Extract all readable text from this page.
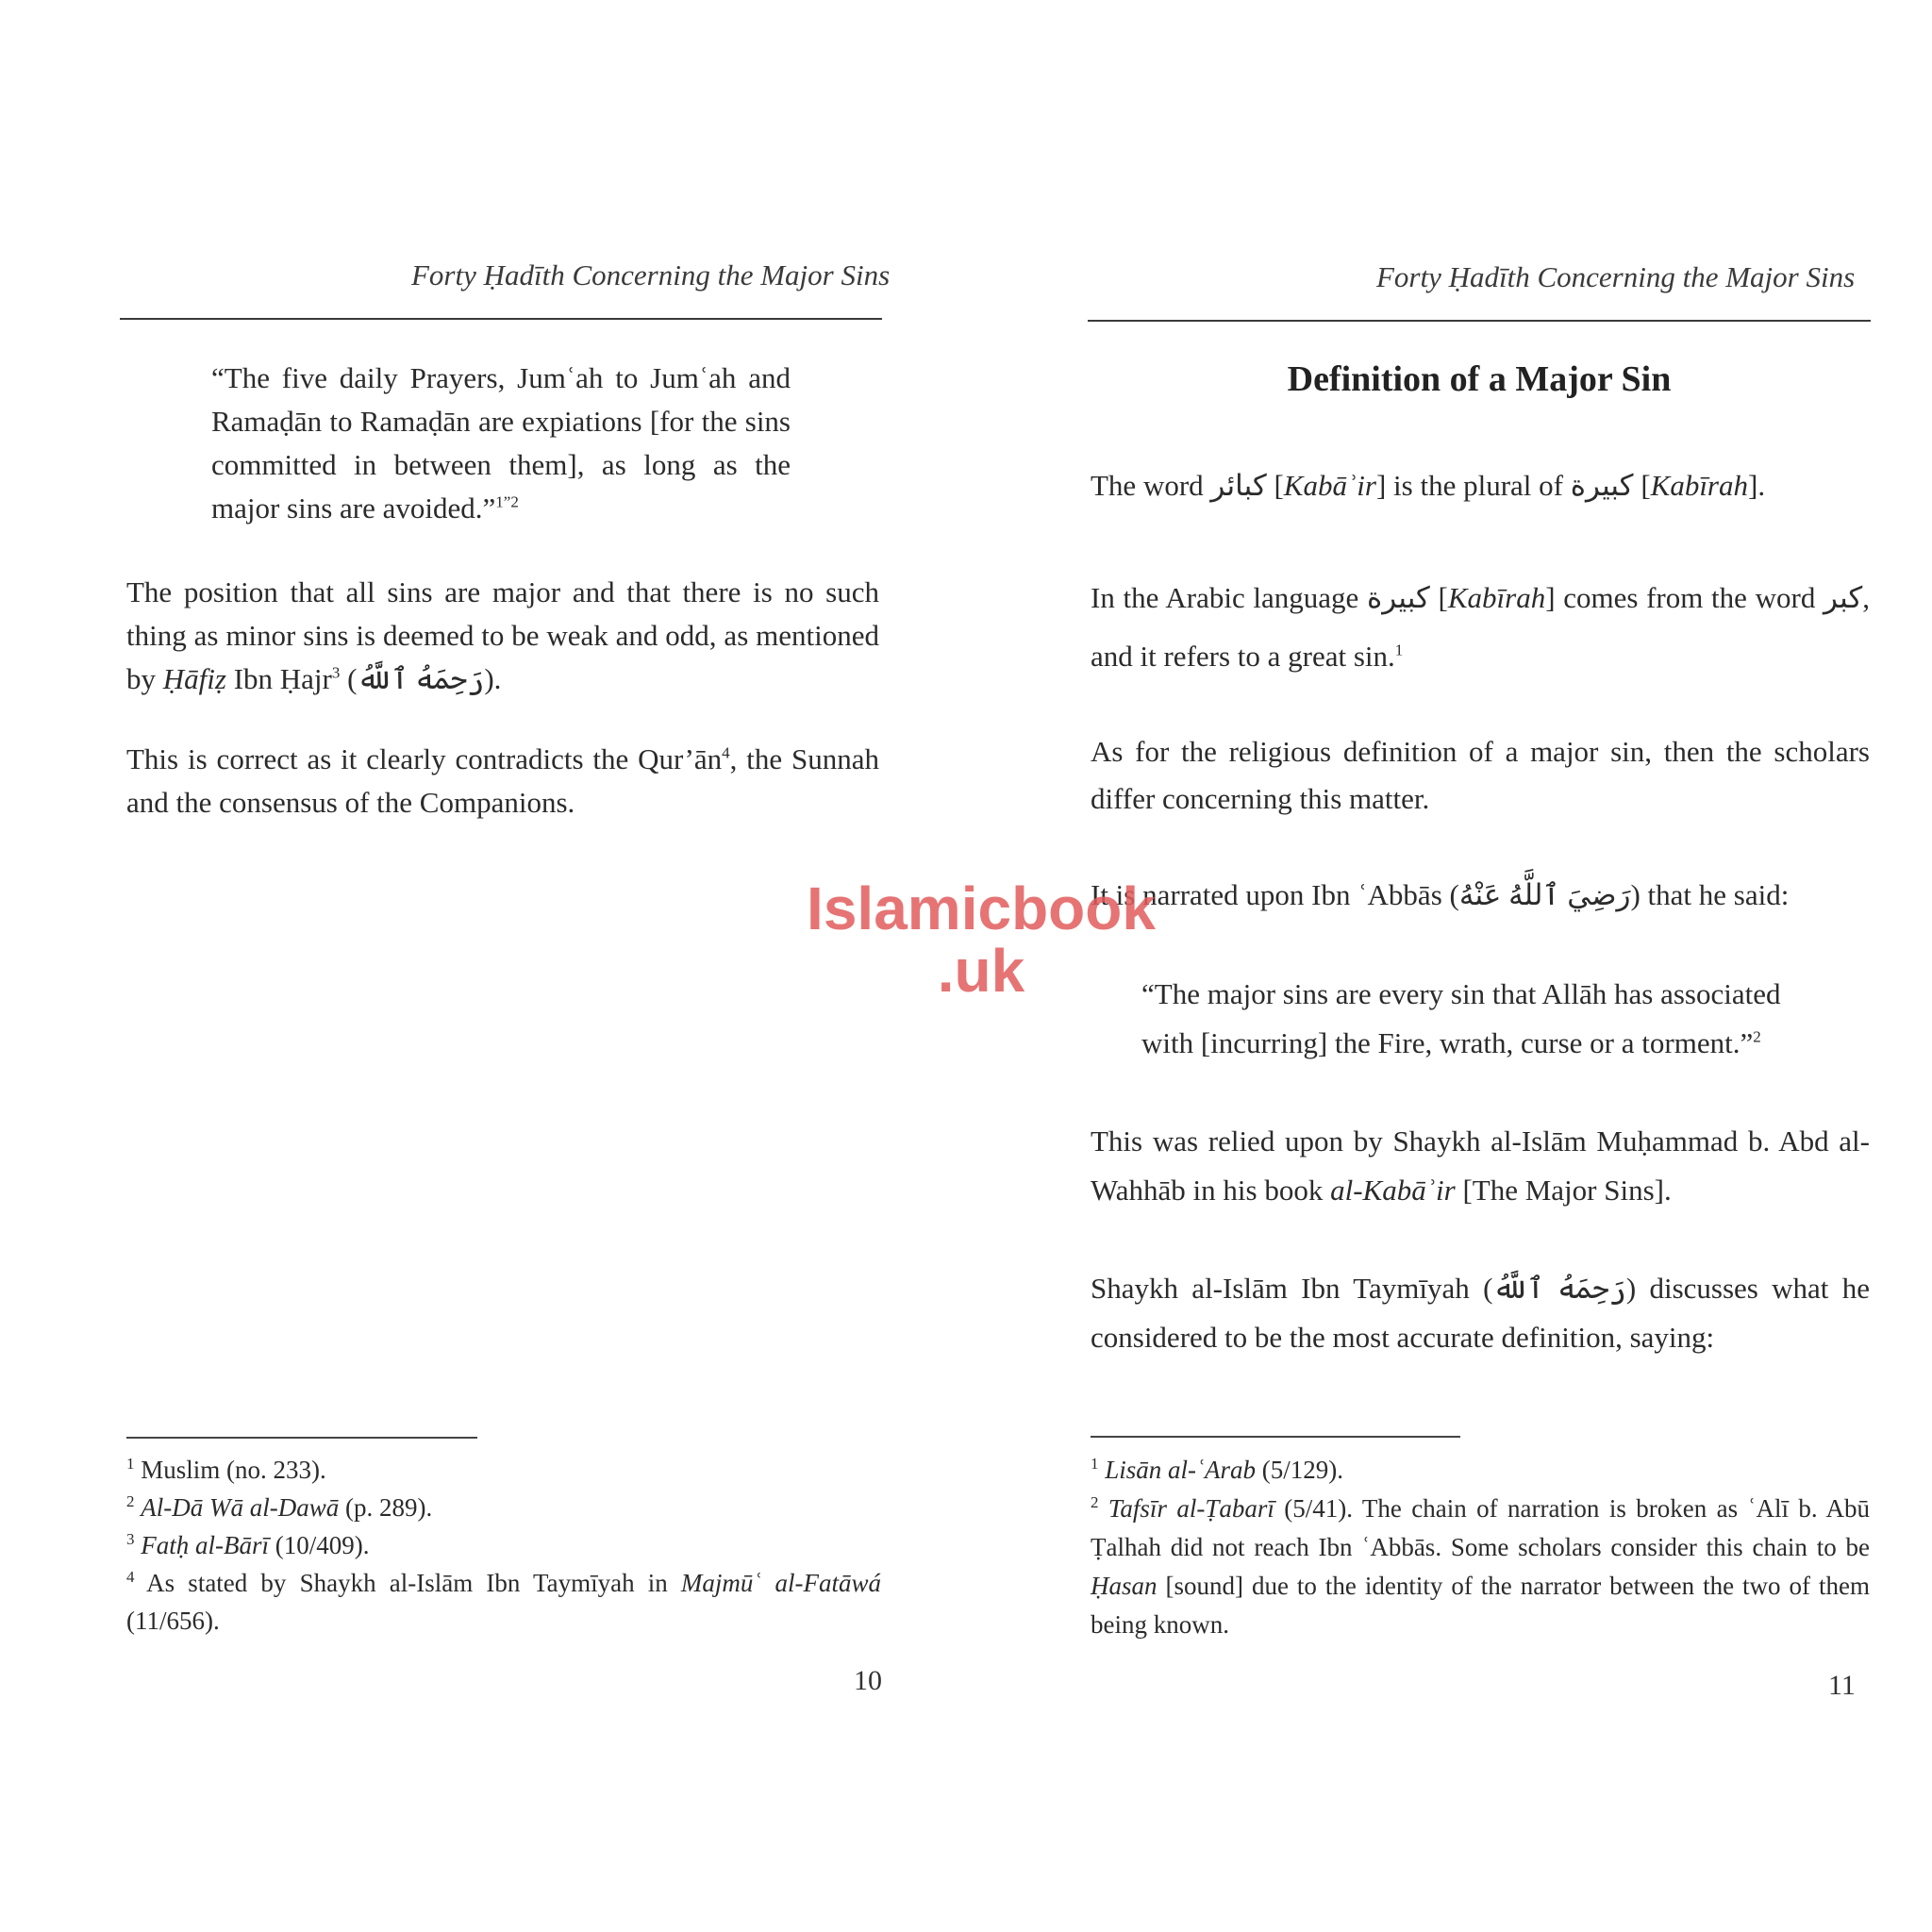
Forty Ḥadīth Concerning the Major Sins

“The five daily Prayers, Jumʿah to Jumʿah and Ramaḍān to Ramaḍān are expiations [for the sins committed in between them], as long as the major sins are avoided.”$^{1”2}$

The position that all sins are major and that there is no such thing as minor sins is deemed to be weak and odd, as mentioned by Ḥāfiẓ Ibn Ḥajr$^3$ (رَحِمَهُ ٱللَّهُ).

This is correct as it clearly contradicts the $Qur’ān^4$, the Sunnah and the consensus of the Companions.

$^1$ Muslim (no. 233).
$^2$ Al-Dā Wā al-Dawā (p. 289).
$^3$ Fatḥ al-Bārī (10/409).
$^4$ As stated by Shaykh al-Islām Ibn Taymīyah in Majmūʿ al-Fatāwá (11/656).
10
Forty Ḥadīth Concerning the Major Sins
Definition of a Major Sin

The word كبائر [Kabāʾir] is the plural of كبيرة [Kabīrah].

In the Arabic language كبيرة [Kabīrah] comes from the word كبر, and it refers to a great sin.$^1$

As for the religious definition of a major sin, then the scholars differ concerning this matter.

It is narrated upon Ibn ʿAbbās (رَضِيَ ٱللَّهُ عَنْهُ) that he said:

“The major sins are every sin that Allāh has associated with [incurring] the Fire, wrath, curse or a torment.”$^2$

This was relied upon by Shaykh al-Islām Muḥammad b. Abd al-Wahhāb in his book al-Kabāʾir [The Major Sins].

Shaykh al-Islām Ibn Taymīyah (رَحِمَهُ ٱللَّهُ) discusses what he considered to be the most accurate definition, saying:

$^1$ Lisān al-ʿArab (5/129).
$^2$ Tafsīr al-Ṭabarī (5/41). The chain of narration is broken as ʿAlī b. Abū Ṭalhah did not reach Ibn ʿAbbās. Some scholars consider this chain to be Ḥasan [sound] due to the identity of the narrator between the two of them being known.
11
Islamicbook
.uk
